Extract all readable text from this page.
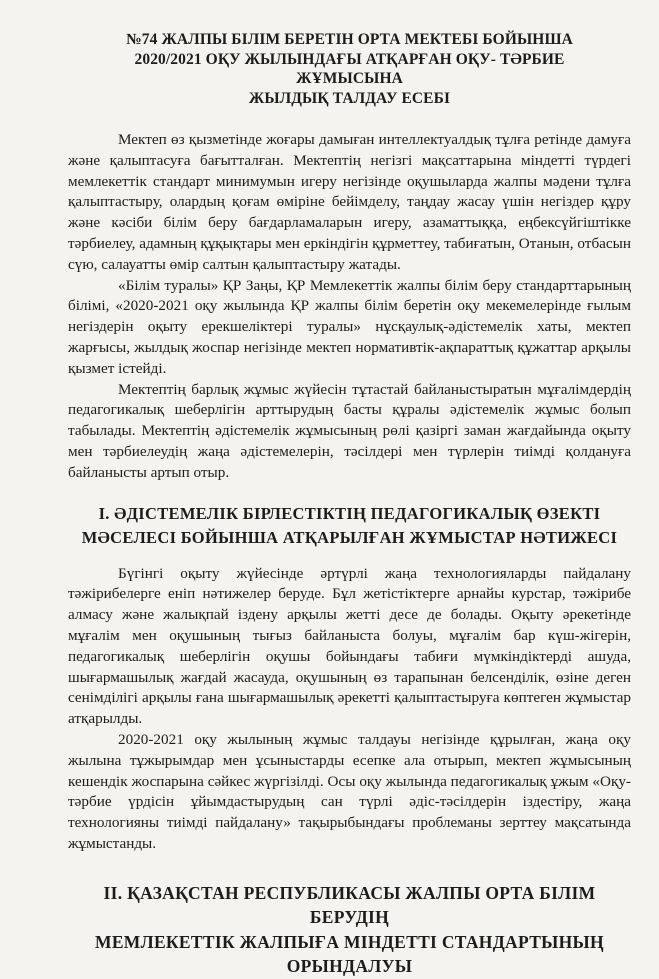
№74 ЖАЛПЫ БІЛІМ БЕРЕТІН ОРТА МЕКТЕБІ БОЙЫНША
2020/2021 ОҚУ ЖЫЛЫНДАҒЫ АТҚАРҒАН ОҚУ- ТӘРБИЕ
ЖҰМЫСЫНА
ЖЫЛДЫҚ ТАЛДАУ ЕСЕБІ

Мектеп өз қызметінде жоғары дамыған интеллектуалдық тұлға ретінде дамуға және қалыптасуға бағытталған. Мектептің негізгі мақсаттарына міндетті түрдегі мемлекеттік стандарт минимумын игеру негізінде оқушыларда жалпы мәдени тұлға қалыптастыру, олардың қоғам өміріне бейімделу, таңдау жасау үшін негіздер құру және кәсіби білім беру бағдарламаларын игеру, азаматтыққа, еңбексүйгіштікке тәрбиелеу, адамның құқықтары мен еркіндігін құрметтеу, табиғатын, Отанын, отбасын сүю, салауатты өмір салтын қалыптастыру жатады.

«Білім туралы» ҚР Заңы, ҚР Мемлекеттік жалпы білім беру стандарттарының білімі, «2020-2021 оқу жылында ҚР жалпы білім беретін оқу мекемелерінде ғылым негіздерін оқыту ерекшеліктері туралы» нұсқаулық-әдістемелік хаты, мектеп жарғысы, жылдық жоспар негізінде мектеп нормативтік-ақпараттық құжаттар арқылы қызмет істейді.

Мектептің барлық жұмыс жүйесін тұтастай байланыстыратын мұғалімдердің педагогикалық шеберлігін арттырудың басты құралы әдістемелік жұмыс болып табылады. Мектептің әдістемелік жұмысының рөлі қазіргі заман жағдайында оқыту мен тәрбиелеудің жаңа әдістемелерін, тәсілдері мен түрлерін тиімді қолдануға байланысты артып отыр.

I. ӘДІСТЕМЕЛІК БІРЛЕСТІКТІҢ ПЕДАГОГИКАЛЫҚ ӨЗЕКТІ
МӘСЕЛЕСІ БОЙЫНША АТҚАРЫЛҒАН ЖҰМЫСТАР НӘТИЖЕСІ

Бүгінгі оқыту жүйесінде әртүрлі жаңа технологияларды пайдалану тәжірибелерге еніп нәтижелер беруде. Бұл жетістіктерге арнайы курстар, тәжірибе алмасу және жалықпай іздену арқылы жетті десе де болады. Оқыту әрекетінде мұғалім мен оқушының тығыз байланыста болуы, мұғалім бар күш-жігерін, педагогикалық шеберлігін оқушы бойындағы табиғи мүмкіндіктерді ашуда, шығармашылық жағдай жасауда, оқушының өз тарапынан белсенділік, өзіне деген сенімділігі арқылы ғана шығармашылық әрекетті қалыптастыруға көптеген жұмыстар атқарылды.

2020-2021 оқу жылының жұмыс талдауы негізінде құрылған, жаңа оқу жылына тұжырымдар мен ұсыныстарды есепке ала отырып, мектеп жұмысының кешендік жоспарына сәйкес жүргізілді. Осы оқу жылында педагогикалық ұжым «Оқу-тәрбие үрдісін ұйымдастырудың сан түрлі әдіс-тәсілдерін іздестіру, жаңа технологияны тиімді пайдалану» тақырыбындағы проблеманы зерттеу мақсатында жұмыстанды.

II. ҚАЗАҚСТАН РЕСПУБЛИКАСЫ ЖАЛПЫ ОРТА БІЛІМ БЕРУДІҢ
МЕМЛЕКЕТТІК ЖАЛПЫҒА МІНДЕТТІ СТАНДАРТЫНЫҢ
ОРЫНДАЛУЫ
